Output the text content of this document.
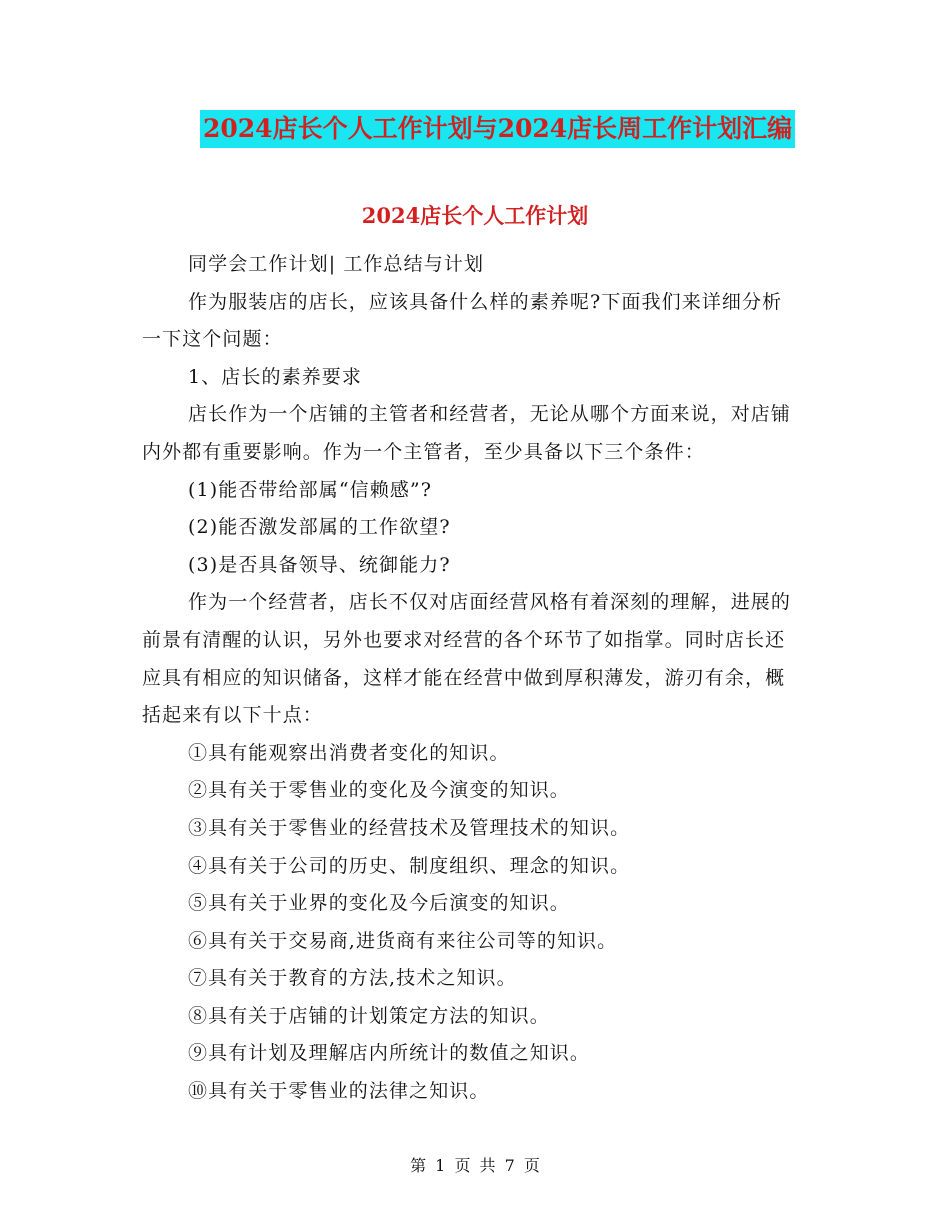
2024店长个人工作计划与2024店长周工作计划汇编
2024店长个人工作计划

同学会工作计划| 工作总结与计划

作为服装店的店长，应该具备什么样的素养呢?下面我们来详细分析一下这个问题：

1、店长的素养要求

店长作为一个店铺的主管者和经营者，无论从哪个方面来说，对店铺内外都有重要影响。作为一个主管者，至少具备以下三个条件：

(1)能否带给部属“信赖感”?

(2)能否激发部属的工作欲望?

(3)是否具备领导、统御能力?

作为一个经营者，店长不仅对店面经营风格有着深刻的理解，进展的前景有清醒的认识，另外也要求对经营的各个环节了如指掌。同时店长还应具有相应的知识储备，这样才能在经营中做到厚积薄发，游刃有余，概括起来有以下十点：

①具有能观察出消费者变化的知识。

②具有关于零售业的变化及今演变的知识。

③具有关于零售业的经营技术及管理技术的知识。

④具有关于公司的历史、制度组织、理念的知识。

⑤具有关于业界的变化及今后演变的知识。

⑥具有关于交易商,进货商有来往公司等的知识。

⑦具有关于教育的方法,技术之知识。

⑧具有关于店铺的计划策定方法的知识。

⑨具有计划及理解店内所统计的数值之知识。

⑩具有关于零售业的法律之知识。

第 1 页 共 7 页
